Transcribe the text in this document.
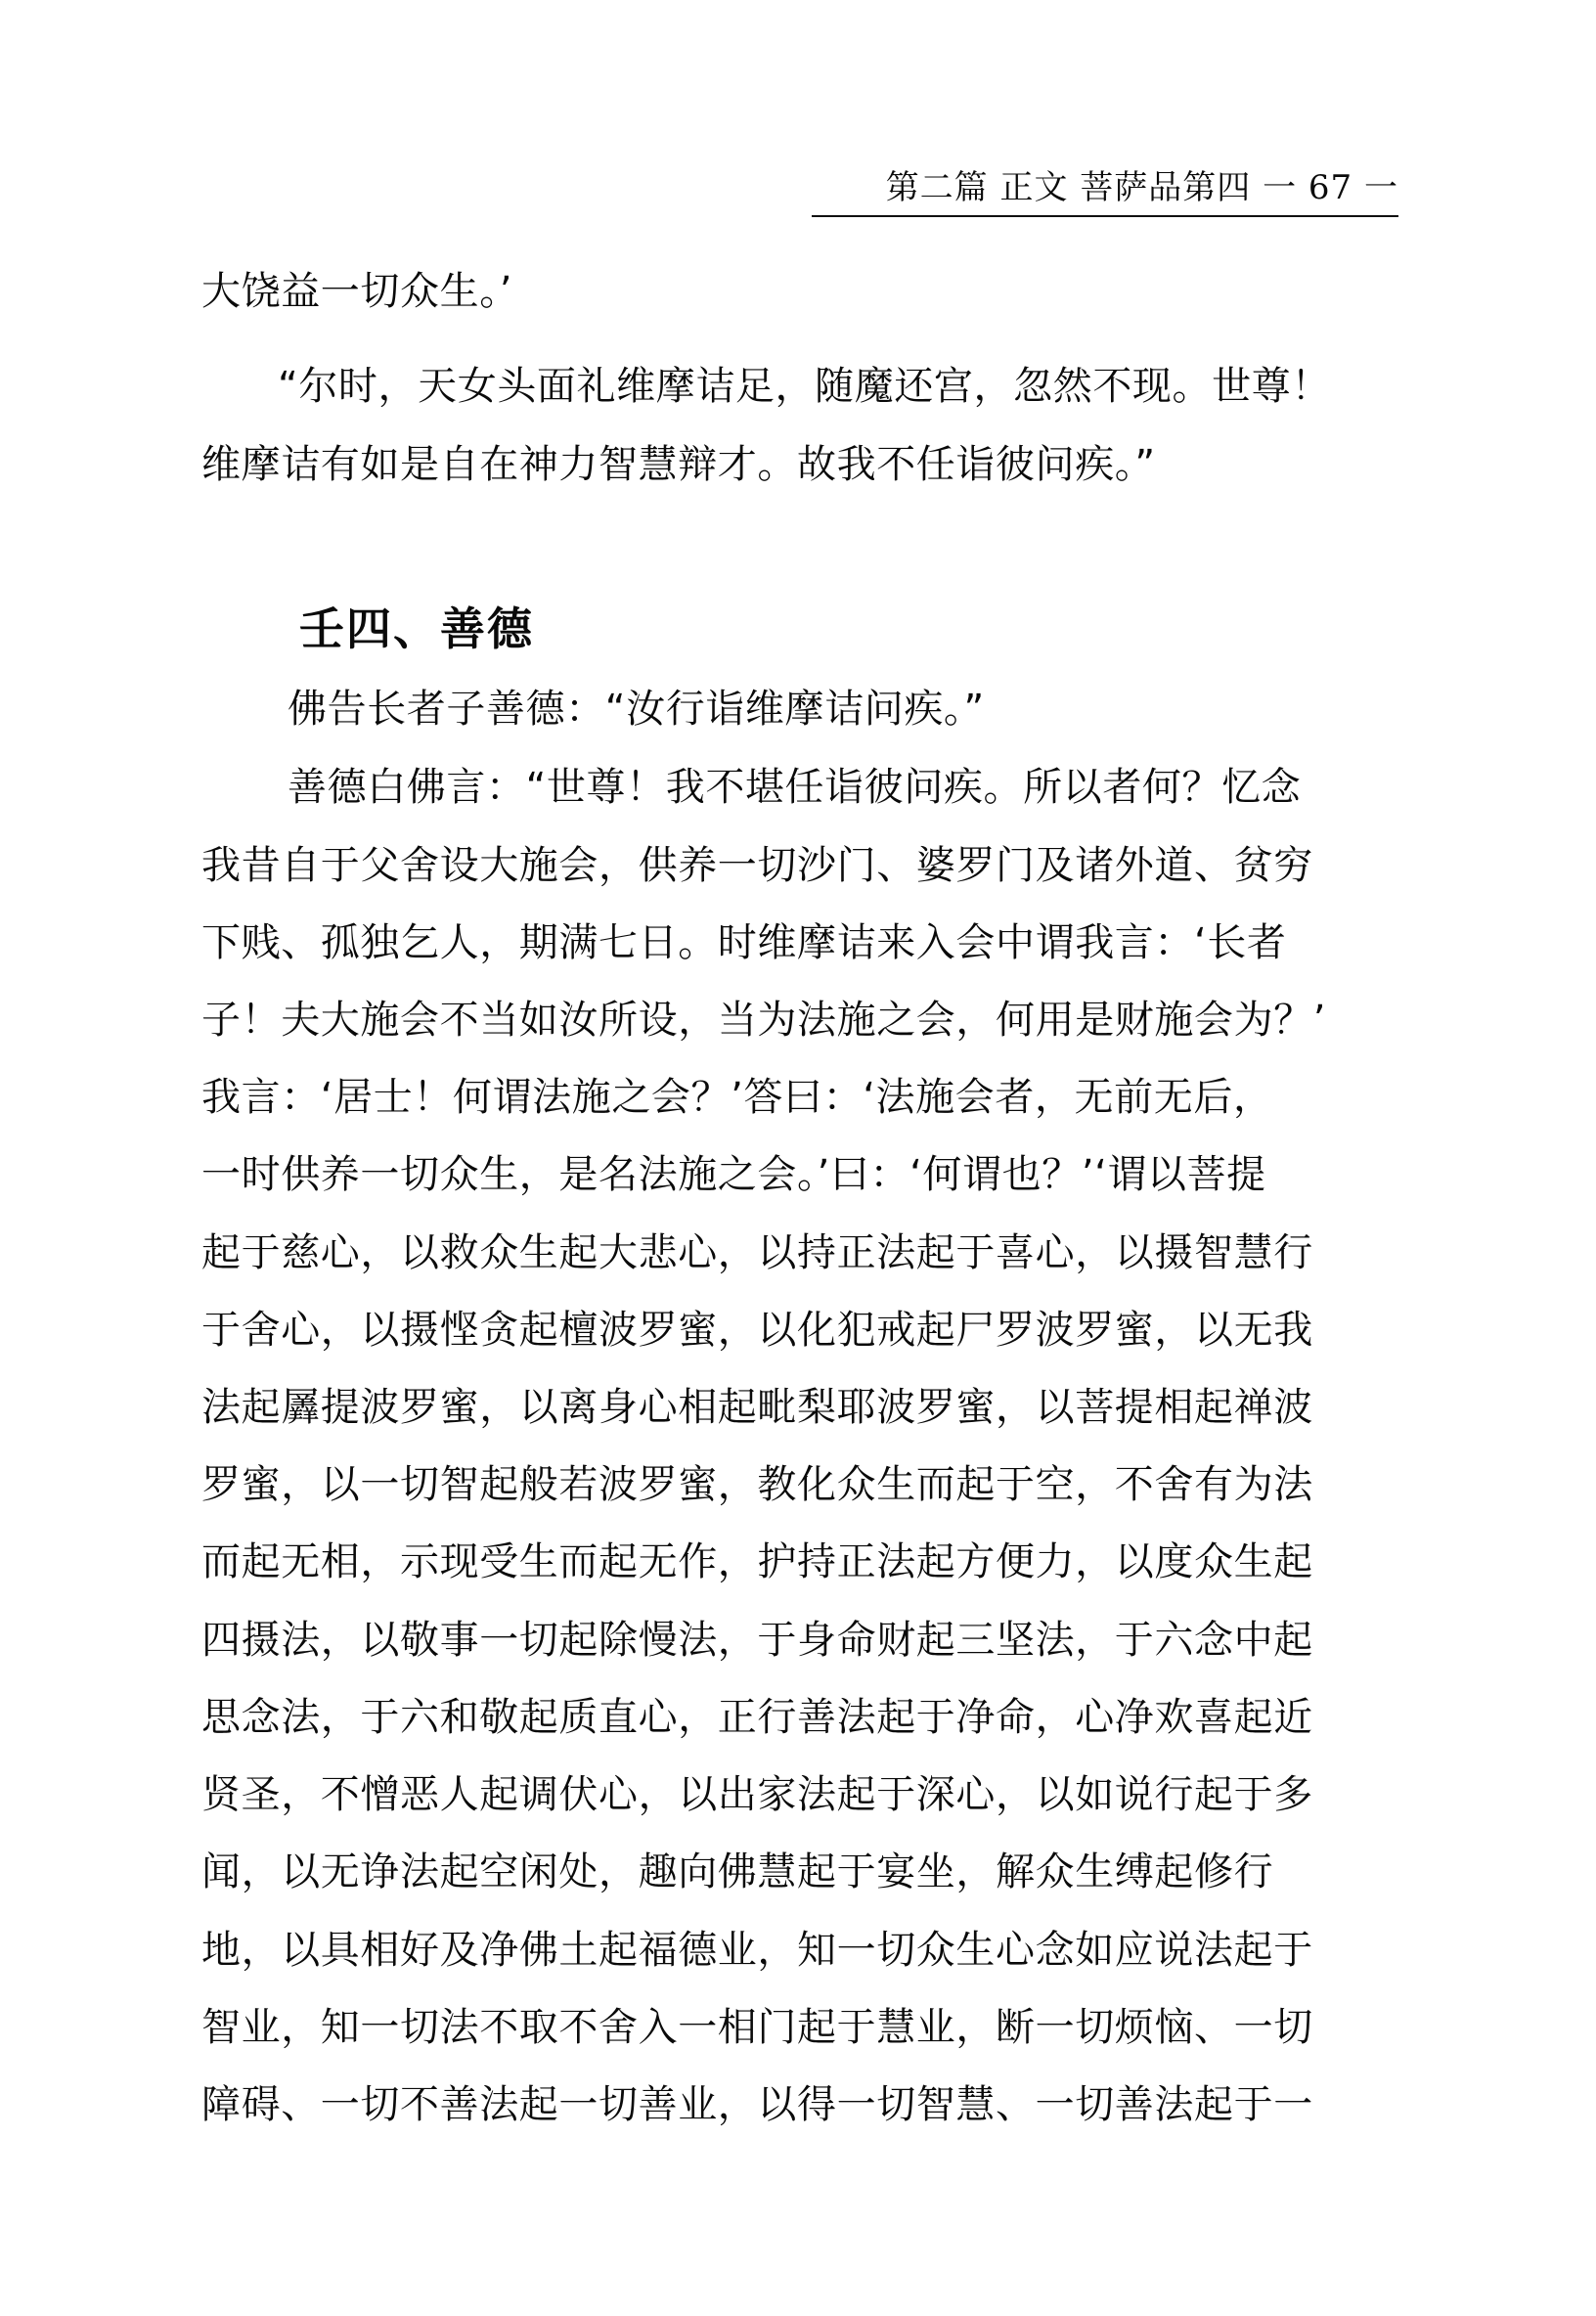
第二篇 正文 菩萨品第四 一 67 一
大饶益一切众生。’
“尔时，天女头面礼维摩诘足，随魔还宫，忽然不现。世尊！
维摩诘有如是自在神力智慧辩才。故我不任诣彼问疾。”
壬四、善德
佛告长者子善德：“汝行诣维摩诘问疾。”
善德白佛言：“世尊！我不堪任诣彼问疾。所以者何？忆念
我昔自于父舍设大施会，供养一切沙门、婆罗门及诸外道、贫穷
下贱、孤独乞人，期满七日。时维摩诘来入会中谓我言：‘长者
子！夫大施会不当如汝所设，当为法施之会，何用是财施会为？’
我言：‘居士！何谓法施之会？’答曰：‘法施会者，无前无后，
一时供养一切众生，是名法施之会。’曰：‘何谓也？’‘谓以菩提
起于慈心，以救众生起大悲心，以持正法起于喜心，以摄智慧行
于舍心，以摄悭贪起檀波罗蜜，以化犯戒起尸罗波罗蜜，以无我
法起羼提波罗蜜，以离身心相起毗梨耶波罗蜜，以菩提相起禅波
罗蜜，以一切智起般若波罗蜜，教化众生而起于空，不舍有为法
而起无相，示现受生而起无作，护持正法起方便力，以度众生起
四摄法，以敬事一切起除慢法，于身命财起三坚法，于六念中起
思念法，于六和敬起质直心，正行善法起于净命，心净欢喜起近
贤圣，不憎恶人起调伏心，以出家法起于深心，以如说行起于多
闻，以无诤法起空闲处，趣向佛慧起于宴坐，解众生缚起修行
地，以具相好及净佛土起福德业，知一切众生心念如应说法起于
智业，知一切法不取不舍入一相门起于慧业，断一切烦恼、一切
障碍、一切不善法起一切善业，以得一切智慧、一切善法起于一
